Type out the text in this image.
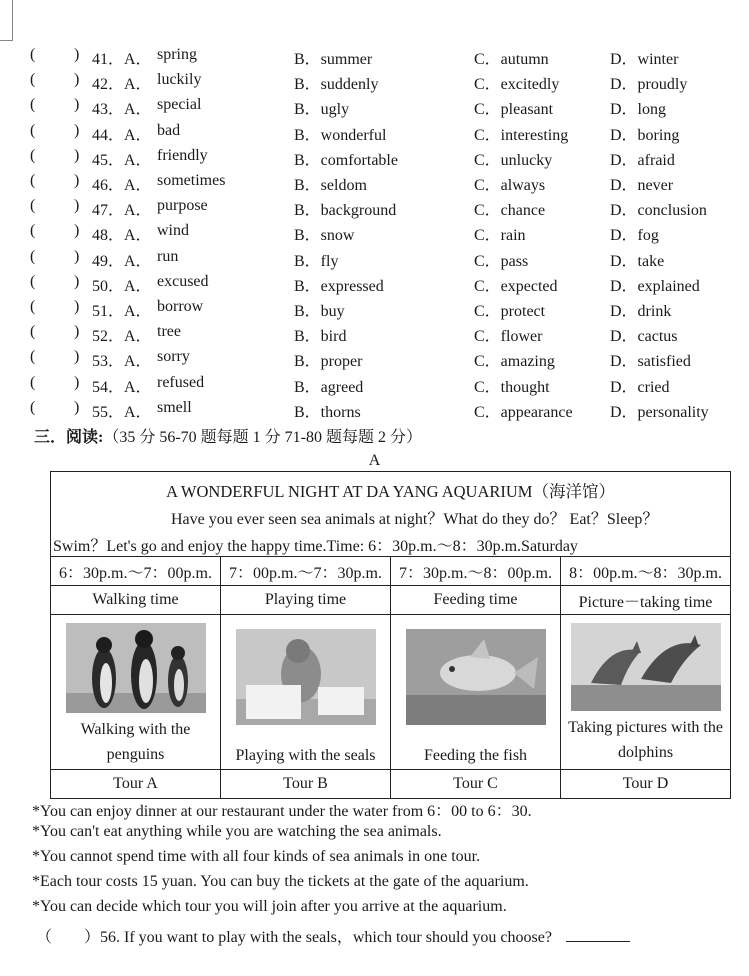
( ) 41．A． spring	B．summer	C．autumn	D．winter
( ) 42．A． luckily	B．suddenly	C．excitedly	D．proudly
( ) 43．A． special	B．ugly	C．pleasant	D．long
( ) 44．A． bad	B．wonderful	C．interesting	D．boring
( ) 45．A． friendly	B．comfortable	C．unlucky	D．afraid
( ) 46．A． sometimes	B．seldom	C．always	D．never
( ) 47．A． purpose	B．background	C．chance	D．conclusion
( ) 48．A． wind	B．snow	C．rain	D．fog
( ) 49．A． run	B．fly	C．pass	D．take
( ) 50．A． excused	B．expressed	C．expected	D．explained
( ) 51．A． borrow	B．buy	C．protect	D．drink
( ) 52．A． tree	B．bird	C．flower	D．cactus
( ) 53．A． sorry	B．proper	C．amazing	D．satisfied
( ) 54．A． refused	B．agreed	C．thought	D．cried
( ) 55．A． smell	B．thorns	C．appearance D．personality
三．阅读:（35 分 56-70 题每题 1 分 71-80 题每题 2 分）
A
A WONDERFUL NIGHT AT DA YANG AQUARIUM（海洋馆）
Have you ever seen sea animals at night？What do they do？ Eat？Sleep？
Swim？Let's go and enjoy the happy time.Time: 6：30p.m.～8：30p.m.Saturday			

6：30p.m.～7：00p.m.	7：00p.m.～7：30p.m.	7：30p.m.～8：00p.m.	8：00p.m.～8：30p.m.
Walking time	Playing time	Feeding time	Picture－taking time

Walking with the penguins	Playing with the seals	Feeding the fish	Taking pictures with the dolphins

Tour A	Tour B	Tour C	Tour D
*You can enjoy dinner at our restaurant under the water from 6：00 to 6：30.
*You can't eat anything while you are watching the sea animals.
*You cannot spend time with all four kinds of sea animals in one tour.
*Each tour costs 15 yuan. You can buy the tickets at the gate of the aquarium.
*You can decide which tour you will join after you arrive at the aquarium.
（　　）56. If you want to play with the seals，which tour should you choose?
